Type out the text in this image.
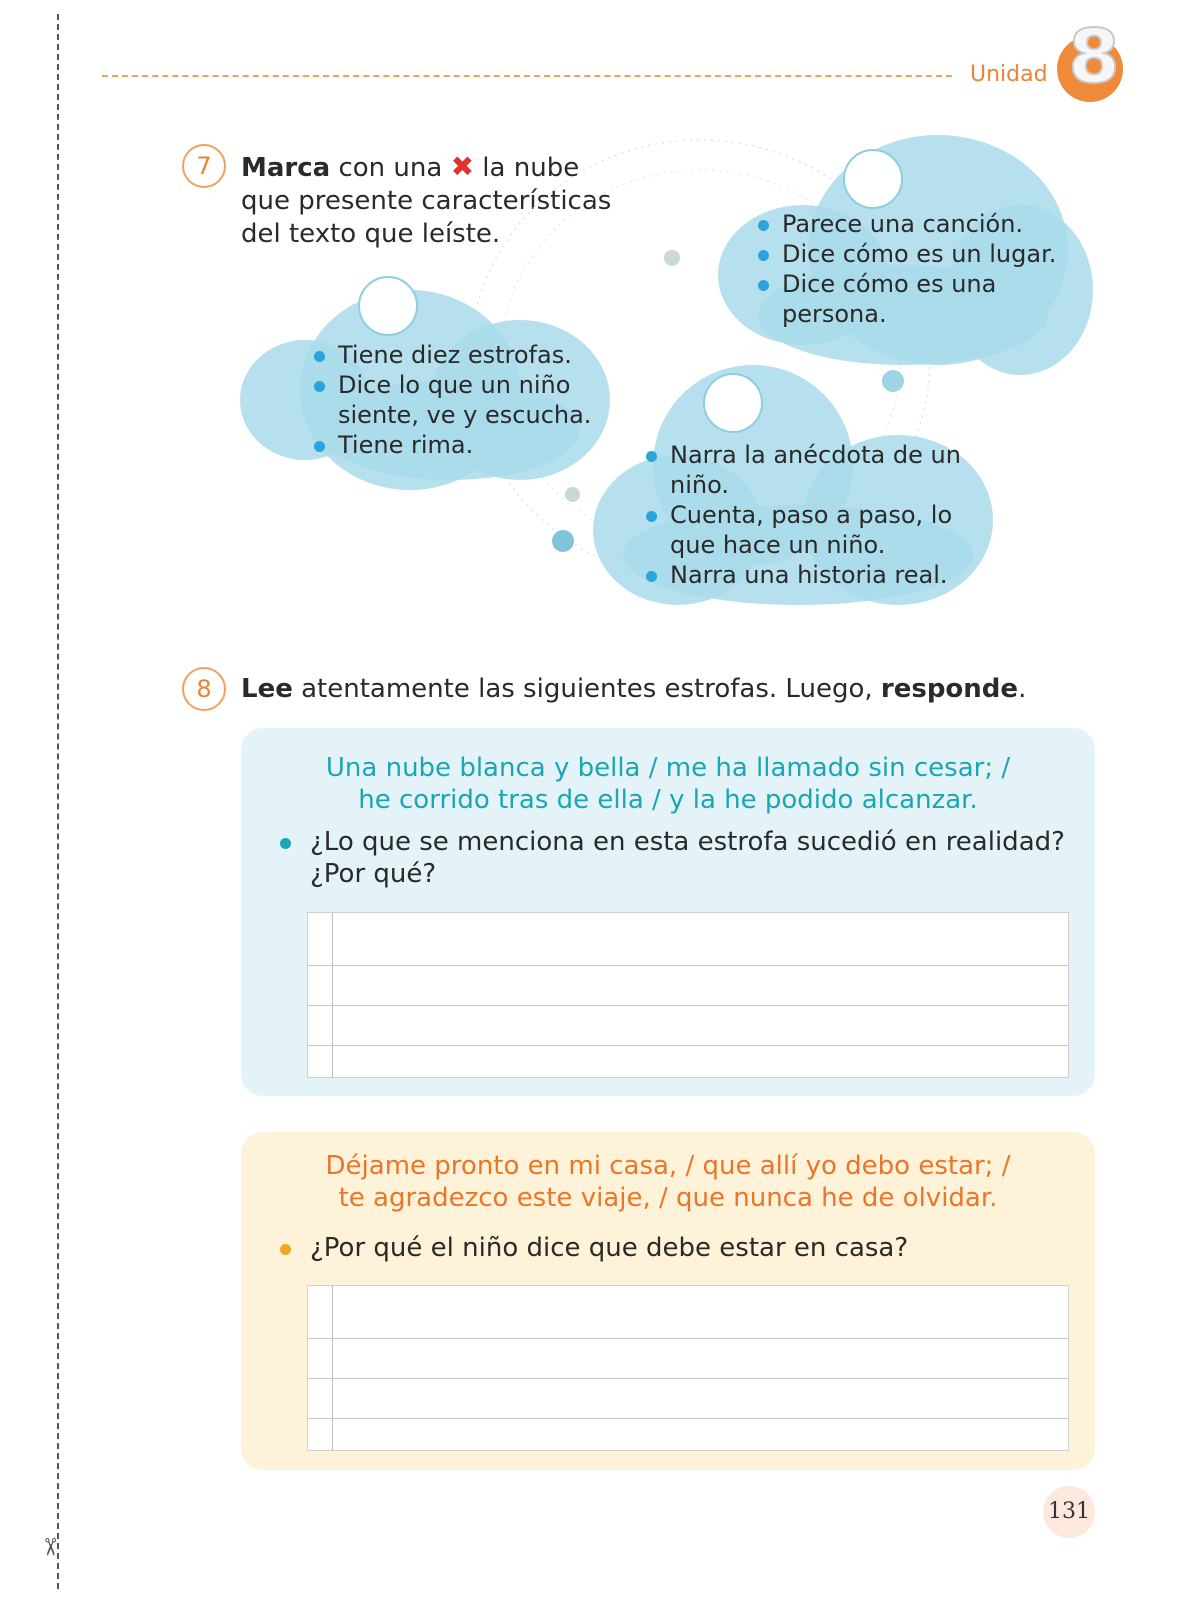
✂
Unidad 8
7	Marca con una ✖ la nube
que presente características
del texto que leíste.
Tiene diez estrofas.
Dice lo que un niño siente, ve y escucha.
Tiene rima.
Parece una canción.
Dice cómo es un lugar.
Dice cómo es una persona.
Narra la anécdota de un niño.
Cuenta, paso a paso, lo que hace un niño.
Narra una historia real.
8	Lee atentamente las siguientes estrofas. Luego, responde.
Una nube blanca y bella / me ha llamado sin cesar; /
he corrido tras de ella / y la he podido alcanzar.
¿Lo que se menciona en esta estrofa sucedió en realidad?
¿Por qué?
Déjame pronto en mi casa, / que allí yo debo estar; /
te agradezco este viaje, / que nunca he de olvidar.
¿Por qué el niño dice que debe estar en casa?
131
